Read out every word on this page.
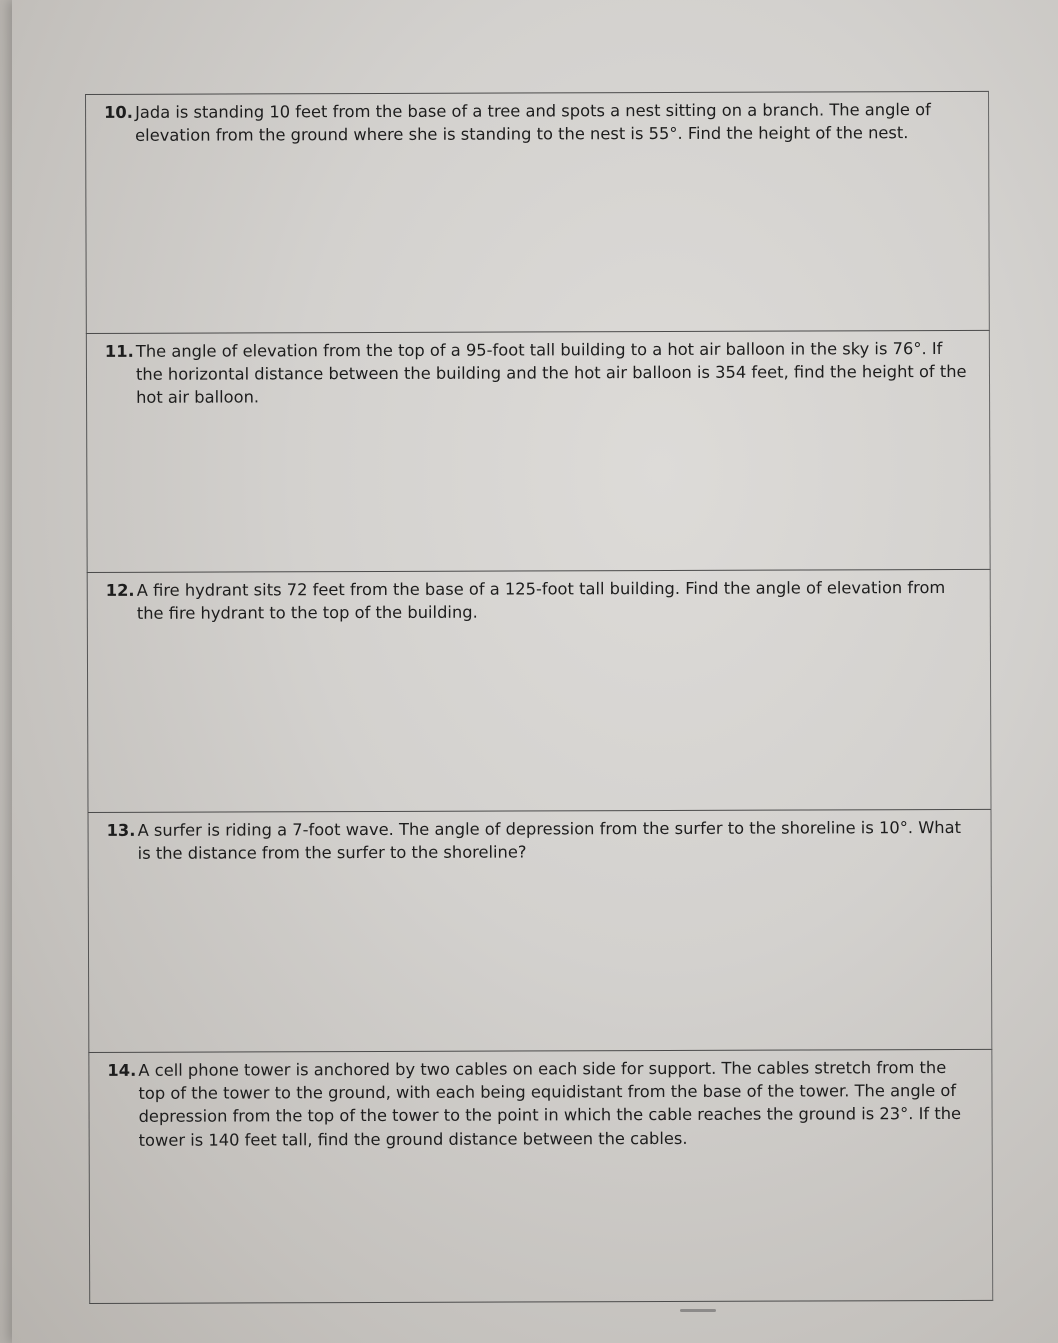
10. Jada is standing 10 feet from the base of a tree and spots a nest sitting on a branch. The angle of elevation from the ground where she is standing to the nest is 55°. Find the height of the nest.

11. The angle of elevation from the top of a 95-foot tall building to a hot air balloon in the sky is 76°. If the horizontal distance between the building and the hot air balloon is 354 feet, find the height of the hot air balloon.

12. A fire hydrant sits 72 feet from the base of a 125-foot tall building. Find the angle of elevation from the fire hydrant to the top of the building.

13. A surfer is riding a 7-foot wave. The angle of depression from the surfer to the shoreline is 10°. What is the distance from the surfer to the shoreline?

14. A cell phone tower is anchored by two cables on each side for support. The cables stretch from the top of the tower to the ground, with each being equidistant from the base of the tower. The angle of depression from the top of the tower to the point in which the cable reaches the ground is 23°. If the tower is 140 feet tall, find the ground distance between the cables.
